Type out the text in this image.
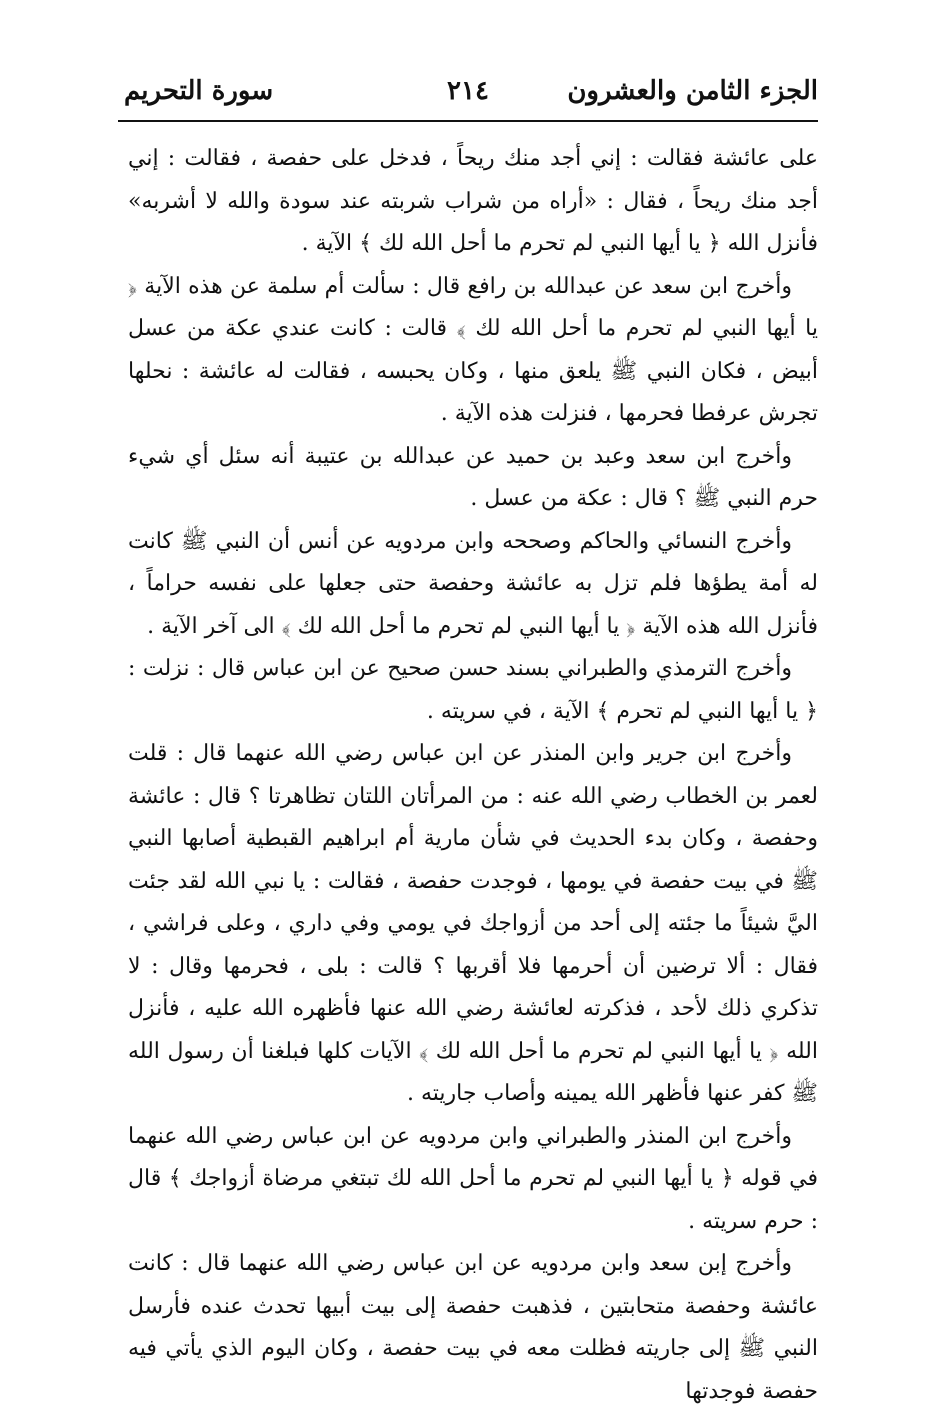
الجزء الثامن والعشرون
٢١٤
سورة التحريم

على عائشة فقالت : إني أجد منك ريحاً ، فدخل على حفصة ، فقالت : إني أجد منك ريحاً ، فقال : «أراه من شراب شربته عند سودة والله لا أشربه» فأنزل الله ﴿ يا أيها النبي لم تحرم ما أحل الله لك ﴾ الآية .

وأخرج ابن سعد عن عبدالله بن رافع قال : سألت أم سلمة عن هذه الآية ﴿ يا أيها النبي لم تحرم ما أحل الله لك ﴾ قالت : كانت عندي عكة من عسل أبيض ، فكان النبي ﷺ يلعق منها ، وكان يحبسه ، فقالت له عائشة : نحلها تجرش عرفطا فحرمها ، فنزلت هذه الآية .

وأخرج ابن سعد وعبد بن حميد عن عبدالله بن عتيبة أنه سئل أي شيء حرم النبي ﷺ ؟ قال : عكة من عسل .

وأخرج النسائي والحاكم وصححه وابن مردويه عن أنس أن النبي ﷺ كانت له أمة يطؤها فلم تزل به عائشة وحفصة حتى جعلها على نفسه حراماً ، فأنزل الله هذه الآية ﴿ يا أيها النبي لم تحرم ما أحل الله لك ﴾ الى آخر الآية .

وأخرج الترمذي والطبراني بسند حسن صحيح عن ابن عباس قال : نزلت : ﴿ يا أيها النبي لم تحرم ﴾ الآية ، في سريته .

وأخرج ابن جرير وابن المنذر عن ابن عباس رضي الله عنهما قال : قلت لعمر بن الخطاب رضي الله عنه : من المرأتان اللتان تظاهرتا ؟ قال : عائشة وحفصة ، وكان بدء الحديث في شأن مارية أم ابراهيم القبطية أصابها النبي ﷺ في بيت حفصة في يومها ، فوجدت حفصة ، فقالت : يا نبي الله لقد جئت اليَّ شيئاً ما جئته إلى أحد من أزواجك في يومي وفي داري ، وعلى فراشي ، فقال : ألا ترضين أن أحرمها فلا أقربها ؟ قالت : بلى ، فحرمها وقال : لا تذكري ذلك لأحد ، فذكرته لعائشة رضي الله عنها فأظهره الله عليه ، فأنزل الله ﴿ يا أيها النبي لم تحرم ما أحل الله لك ﴾ الآيات كلها فبلغنا أن رسول الله ﷺ كفر عنها فأظهر الله يمينه وأصاب جاريته .

وأخرج ابن المنذر والطبراني وابن مردويه عن ابن عباس رضي الله عنهما في قوله ﴿ يا أيها النبي لم تحرم ما أحل الله لك تبتغي مرضاة أزواجك ﴾ قال : حرم سريته .

وأخرج إبن سعد وابن مردويه عن ابن عباس رضي الله عنهما قال : كانت عائشة وحفصة متحابتين ، فذهبت حفصة إلى بيت أبيها تحدث عنده فأرسل النبي ﷺ إلى جاريته فظلت معه في بيت حفصة ، وكان اليوم الذي يأتي فيه حفصة فوجدتها
